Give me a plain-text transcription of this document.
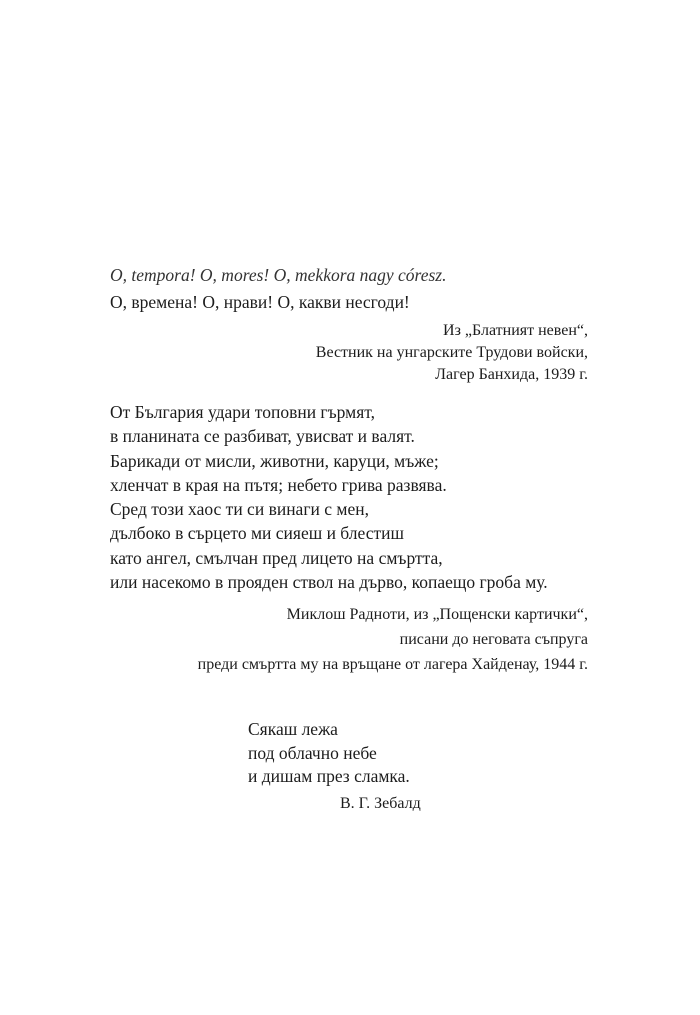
O, tempora! O, mores! O, mekkora nagy córesz.

О, времена! О, нрави! О, какви несгоди!

Из „Блатният невен“,
Вестник на унгарските Трудови войски,
Лагер Банхида, 1939 г.
От България удари топовни гърмят,
в планината се разбиват, увисват и валят.
Барикади от мисли, животни, каруци, мъже;
хленчат в края на пътя; небето грива развява.
Сред този хаос ти си винаги с мен,
дълбоко в сърцето ми сияеш и блестиш
като ангел, смълчан пред лицето на смъртта,
или насекомо в прояден ствол на дърво, копаещо гроба му.
Миклош Радноти, из „Пощенски картички“,
писани до неговата съпруга
преди смъртта му на връщане от лагера Хайденау, 1944 г.
Сякаш лежа
под облачно небе
и дишам през сламка.

В. Г. Зебалд
